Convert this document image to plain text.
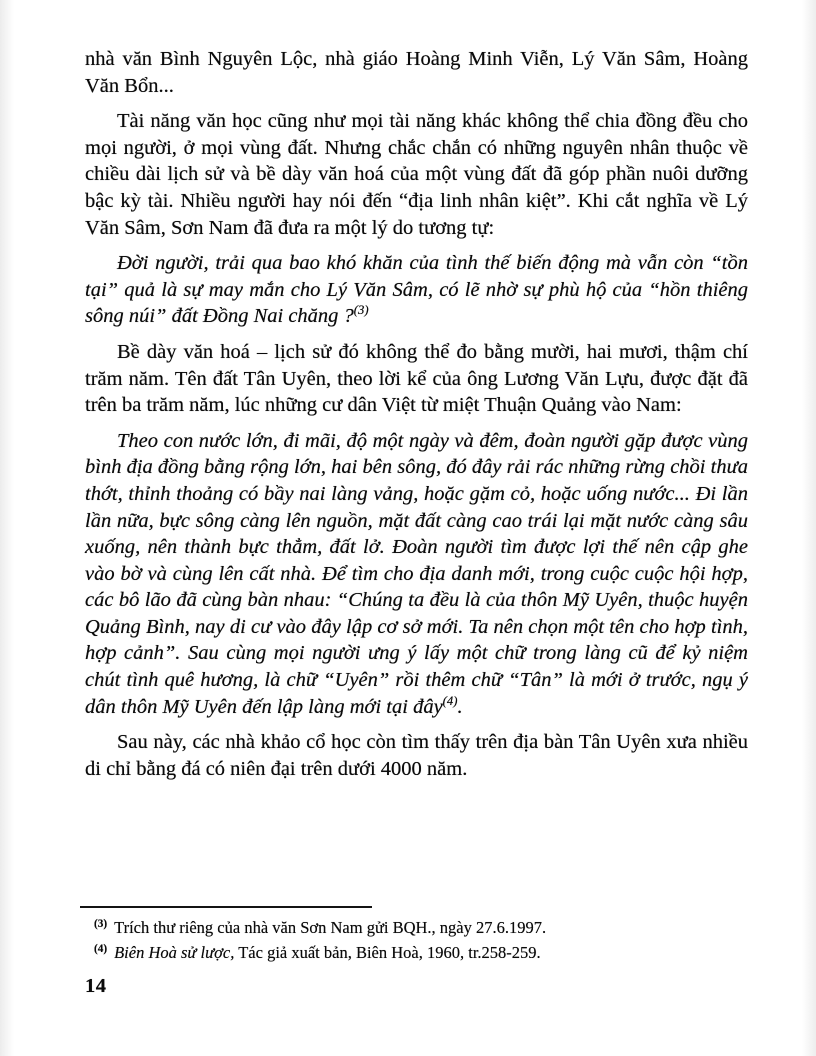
nhà văn Bình Nguyên Lộc, nhà giáo Hoàng Minh Viễn, Lý Văn Sâm, Hoàng Văn Bổn...

Tài năng văn học cũng như mọi tài năng khác không thể chia đồng đều cho mọi người, ở mọi vùng đất. Nhưng chắc chắn có những nguyên nhân thuộc về chiều dài lịch sử và bề dày văn hoá của một vùng đất đã góp phần nuôi dưỡng bậc kỳ tài. Nhiều người hay nói đến “địa linh nhân kiệt”. Khi cắt nghĩa về Lý Văn Sâm, Sơn Nam đã đưa ra một lý do tương tự:

Đời người, trải qua bao khó khăn của tình thế biến động mà vẫn còn “tồn tại” quả là sự may mắn cho Lý Văn Sâm, có lẽ nhờ sự phù hộ của “hồn thiêng sông núi” đất Đồng Nai chăng ?$^{(3)}$

Bề dày văn hoá – lịch sử đó không thể đo bằng mười, hai mươi, thậm chí trăm năm. Tên đất Tân Uyên, theo lời kể của ông Lương Văn Lựu, được đặt đã trên ba trăm năm, lúc những cư dân Việt từ miệt Thuận Quảng vào Nam:

Theo con nước lớn, đi mãi, độ một ngày và đêm, đoàn người gặp được vùng bình địa đồng bằng rộng lớn, hai bên sông, đó đây rải rác những rừng chồi thưa thớt, thỉnh thoảng có bầy nai làng vảng, hoặc gặm cỏ, hoặc uống nước... Đi lần lần nữa, bực sông càng lên nguồn, mặt đất càng cao trái lại mặt nước càng sâu xuống, nên thành bực thẳm, đất lở. Đoàn người tìm được lợi thế nên cập ghe vào bờ và cùng lên cất nhà. Để tìm cho địa danh mới, trong cuộc cuộc hội hợp, các bô lão đã cùng bàn nhau: “Chúng ta đều là của thôn Mỹ Uyên, thuộc huyện Quảng Bình, nay di cư vào đây lập cơ sở mới. Ta nên chọn một tên cho hợp tình, hợp cảnh”. Sau cùng mọi người ưng ý lấy một chữ trong làng cũ để kỷ niệm chút tình quê hương, là chữ “Uyên” rồi thêm chữ “Tân” là mới ở trước, ngụ ý dân thôn Mỹ Uyên đến lập làng mới tại đây$^{(4)}$.

Sau này, các nhà khảo cổ học còn tìm thấy trên địa bàn Tân Uyên xưa nhiều di chỉ bằng đá có niên đại trên dưới 4000 năm.

$^{(3)}$ Trích thư riêng của nhà văn Sơn Nam gửi BQH., ngày 27.6.1997.
$^{(4)}$ Biên Hoà sử lược, Tác giả xuất bản, Biên Hoà, 1960, tr.258-259.
14
